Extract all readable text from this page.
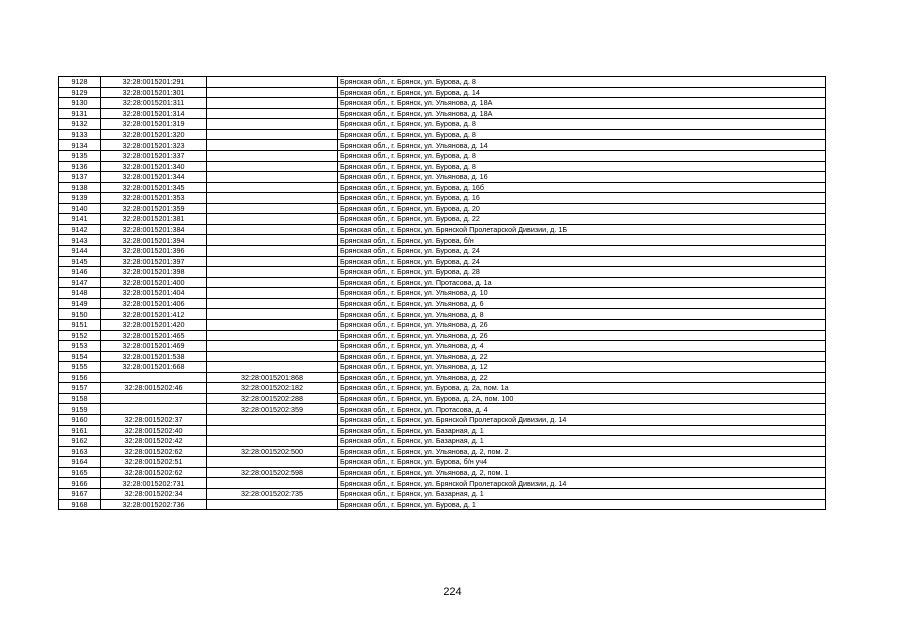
9128	32:28:0015201:291		Брянская обл., г. Брянск, ул. Бурова, д. 8
9129	32:28:0015201:301		Брянская обл., г. Брянск, ул. Бурова, д. 14
9130	32:28:0015201:311		Брянская обл., г. Брянск, ул. Ульянова, д. 18А
9131	32:28:0015201:314		Брянская обл., г. Брянск, ул. Ульянова, д. 18А
9132	32:28:0015201:319		Брянская обл., г. Брянск, ул. Бурова, д. 8
9133	32:28:0015201:320		Брянская обл., г. Брянск, ул. Бурова, д. 8
9134	32:28:0015201:323		Брянская обл., г. Брянск, ул. Ульянова, д. 14
9135	32:28:0015201:337		Брянская обл., г. Брянск, ул. Бурова, д. 8
9136	32:28:0015201:340		Брянская обл., г. Брянск, ул. Бурова, д. 8
9137	32:28:0015201:344		Брянская обл., г. Брянск, ул. Ульянова, д. 16
9138	32:28:0015201:345		Брянская обл., г. Брянск, ул. Бурова, д. 16б
9139	32:28:0015201:353		Брянская обл., г. Брянск, ул. Бурова, д. 16
9140	32:28:0015201:359		Брянская обл., г. Брянск, ул. Бурова, д. 20
9141	32:28:0015201:381		Брянская обл., г. Брянск, ул. Бурова, д. 22
9142	32:28:0015201:384		Брянская обл., г. Брянск, ул. Брянской Пролетарской Дивизии, д. 1Б
9143	32:28:0015201:394		Брянская обл., г. Брянск, ул. Бурова, б/н
9144	32:28:0015201:396		Брянская обл., г. Брянск, ул. Бурова, д. 24
9145	32:28:0015201:397		Брянская обл., г. Брянск, ул. Бурова, д. 24
9146	32:28:0015201:398		Брянская обл., г. Брянск, ул. Бурова, д. 28
9147	32:28:0015201:400		Брянская обл., г. Брянск, ул. Протасова, д. 1а
9148	32:28:0015201:404		Брянская обл., г. Брянск, ул. Ульянова, д. 10
9149	32:28:0015201:406		Брянская обл., г. Брянск, ул. Ульянова, д. 6
9150	32:28:0015201:412		Брянская обл., г. Брянск, ул. Ульянова, д. 8
9151	32:28:0015201:420		Брянская обл., г. Брянск, ул. Ульянова, д. 26
9152	32:28:0015201:465		Брянская обл., г. Брянск, ул. Ульянова, д. 26
9153	32:28:0015201:469		Брянская обл., г. Брянск, ул. Ульянова, д. 4
9154	32:28:0015201:538		Брянская обл., г. Брянск, ул. Ульянова, д. 22
9155	32:28:0015201:668		Брянская обл., г. Брянск, ул. Ульянова, д. 12
9156		32:28:0015201:868	Брянская обл., г. Брянск, ул. Ульянова, д. 22
9157	32:28:0015202:46	32:28:0015202:182	Брянская обл., г. Брянск, ул. Бурова, д. 2а, пом. 1а
9158		32:28:0015202:288	Брянская обл., г. Брянск, ул. Бурова, д. 2А, пом. 100
9159		32:28:0015202:359	Брянская обл., г. Брянск, ул. Протасова, д. 4
9160	32:28:0015202:37		Брянская обл., г. Брянск, ул. Брянской Пролетарской Дивизии, д. 14
9161	32:28:0015202:40		Брянская обл., г. Брянск, ул. Базарная, д. 1
9162	32:28:0015202:42		Брянская обл., г. Брянск, ул. Базарная, д. 1
9163	32:28:0015202:62	32:28:0015202:500	Брянская обл., г. Брянск, ул. Ульянова, д. 2, пом. 2
9164	32:28:0015202:51		Брянская обл., г. Брянск, ул. Бурова, б/н уч4
9165	32:28:0015202:62	32:28:0015202:598	Брянская обл., г. Брянск, ул. Ульянова, д. 2, пом. 1
9166	32:28:0015202:731		Брянская обл., г. Брянск, ул. Брянской Пролетарской Дивизии, д. 14
9167	32:28:0015202:34	32:28:0015202:735	Брянская обл., г. Брянск, ул. Базарная, д. 1
9168	32:28:0015202:736		Брянская обл., г. Брянск, ул. Бурова, д. 1
224
